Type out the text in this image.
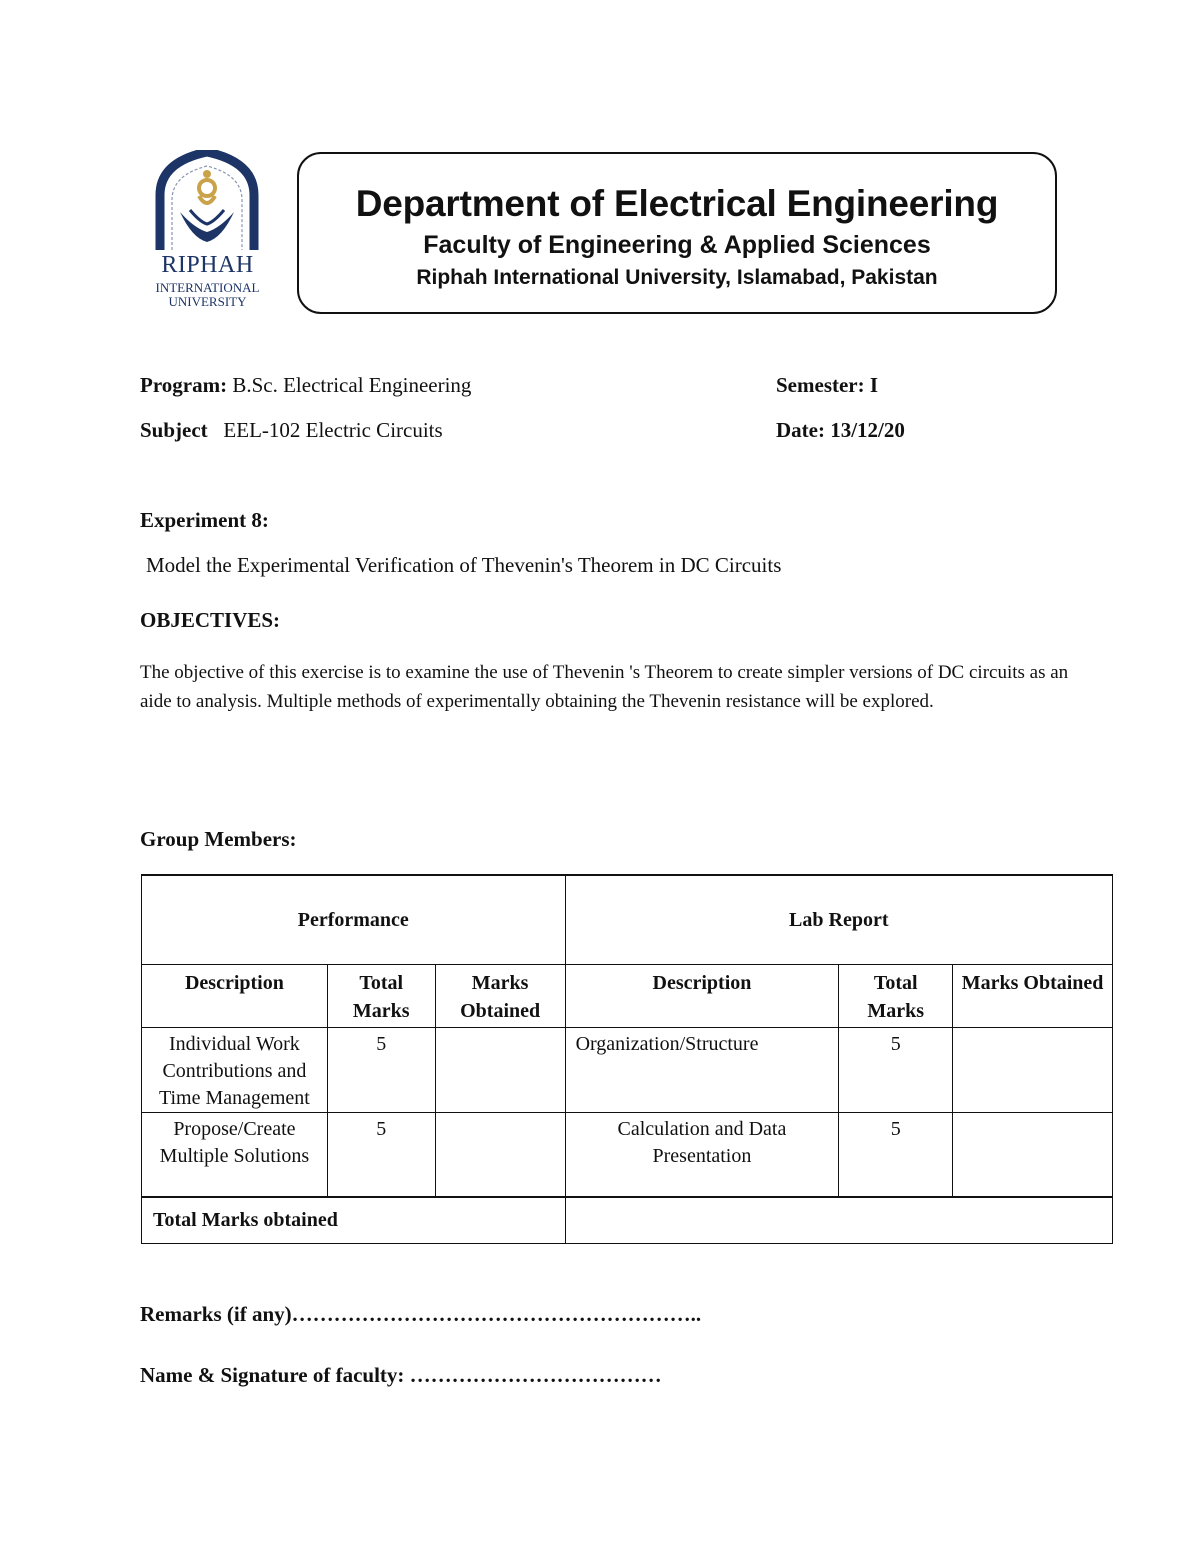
RIPHAH
INTERNATIONAL
UNIVERSITY
Department of Electrical Engineering
Faculty of Engineering & Applied Sciences
Riphah International University, Islamabad, Pakistan
Program: B.Sc. Electrical Engineering	Semester: I
Subject EEL-102 Electric Circuits	Date: 13/12/20
Experiment 8:
Model the Experimental Verification of Thevenin's Theorem in DC Circuits
OBJECTIVES:
The objective of this exercise is to examine the use of Thevenin 's Theorem to create simpler versions of DC circuits as an aide to analysis. Multiple methods of experimentally obtaining the Thevenin resistance will be explored.
Group Members:
Performance			Lab Report		
Description	Total Marks	Marks Obtained	Description	Total Marks	Marks Obtained
Individual Work Contributions and Time Management	5		Organization/Structure	5	
Propose/Create Multiple Solutions	5		Calculation and Data Presentation	5	
Total Marks obtained					
Remarks (if any)…………………………………………………..
Name & Signature of faculty: ………………………………
